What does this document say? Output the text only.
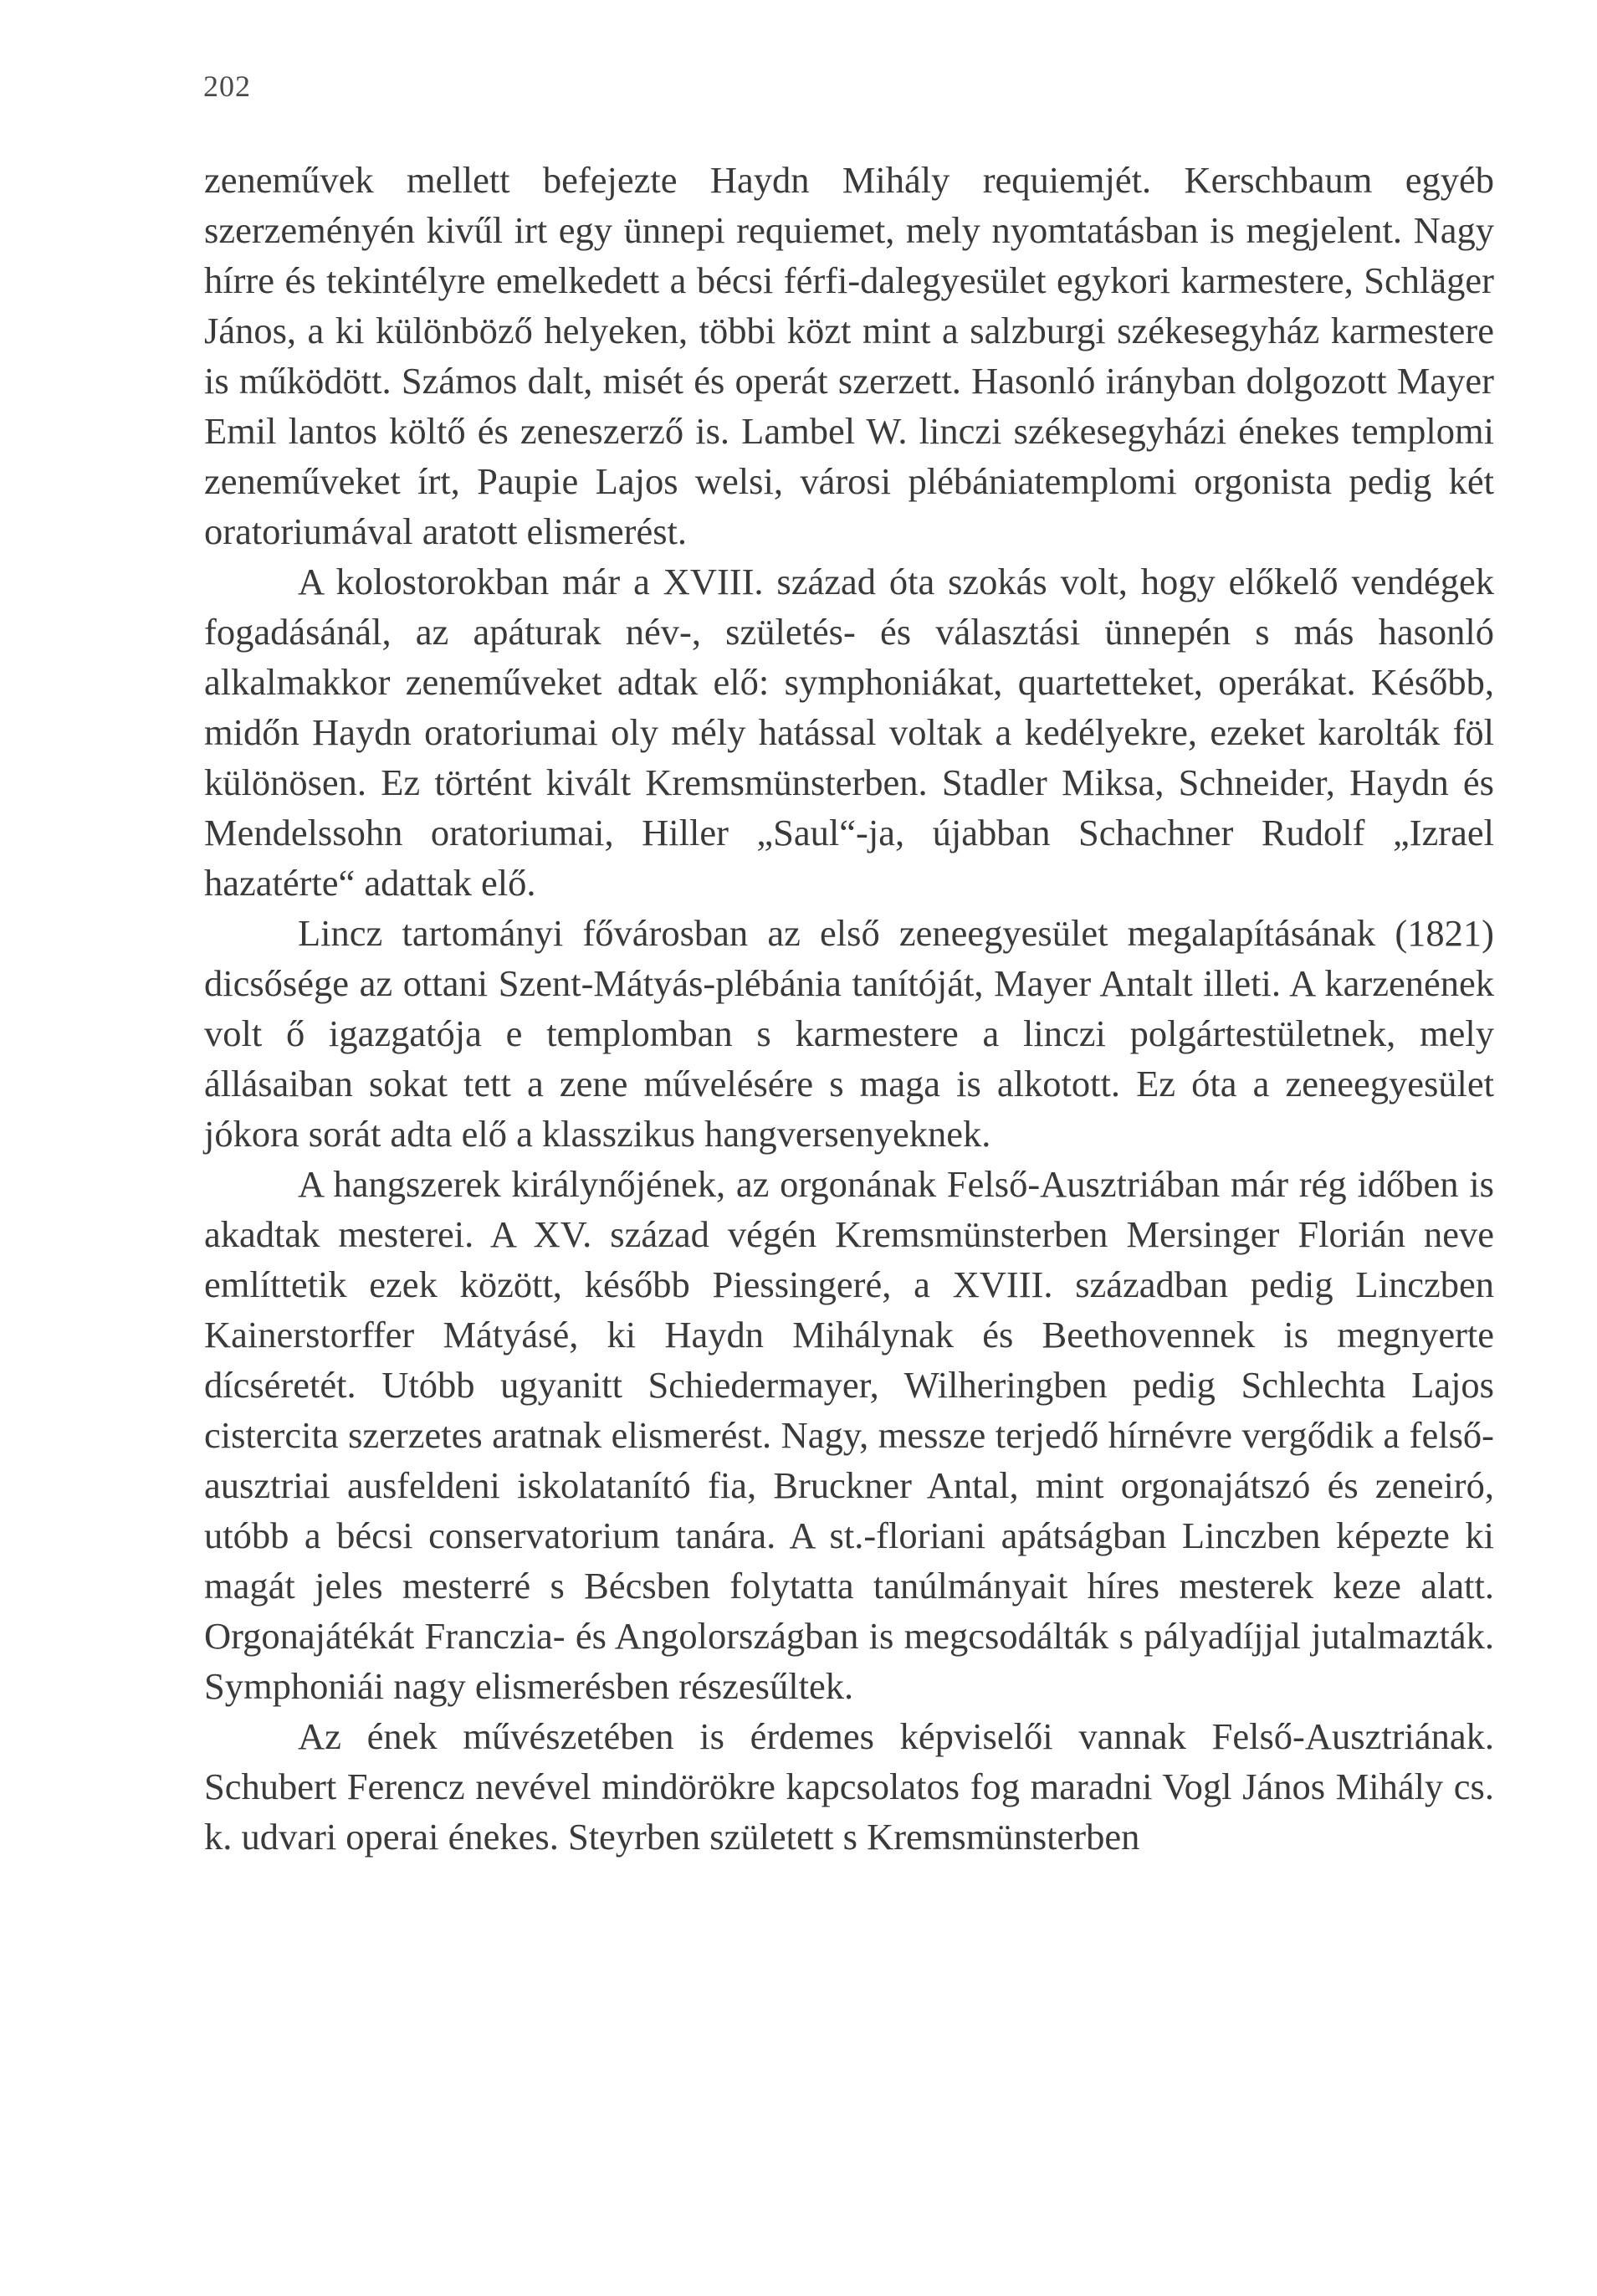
202

zeneművek mellett befejezte Haydn Mihály requiemjét. Kerschbaum egyéb szerzeményén kivűl irt egy ünnepi requiemet, mely nyomtatásban is megjelent. Nagy hírre és tekintélyre emelkedett a bécsi férfi-dalegyesület egykori karmestere, Schläger János, a ki különböző helyeken, többi közt mint a salzburgi székesegyház karmestere is működött. Számos dalt, misét és operát szerzett. Hasonló irányban dolgozott Mayer Emil lantos költő és zeneszerző is. Lambel W. linczi székesegyházi énekes templomi zeneműveket írt, Paupie Lajos welsi, városi plébániatemplomi orgonista pedig két oratoriumával aratott elismerést.

A kolostorokban már a XVIII. század óta szokás volt, hogy előkelő vendégek fogadásánál, az apáturak név-, születés- és választási ünnepén s más hasonló alkalmakkor zeneműveket adtak elő: symphoniákat, quartetteket, operákat. Később, midőn Haydn oratoriumai oly mély hatással voltak a kedélyekre, ezeket karolták föl különösen. Ez történt kivált Kremsmünsterben. Stadler Miksa, Schneider, Haydn és Mendelssohn oratoriumai, Hiller „Saul“-ja, újabban Schachner Rudolf „Izrael hazatérte“ adattak elő.

Lincz tartományi fővárosban az első zeneegyesület megalapításának (1821) dicsősége az ottani Szent-Mátyás-plébánia tanítóját, Mayer Antalt illeti. A karzenének volt ő igazgatója e templomban s karmestere a linczi polgártestületnek, mely állásaiban sokat tett a zene művelésére s maga is alkotott. Ez óta a zeneegyesület jókora sorát adta elő a klasszikus hangversenyeknek.

A hangszerek királynőjének, az orgonának Felső-Ausztriában már rég időben is akadtak mesterei. A XV. század végén Kremsmünsterben Mersinger Florián neve említtetik ezek között, később Piessingeré, a XVIII. században pedig Linczben Kainerstorffer Mátyásé, ki Haydn Mihálynak és Beethovennek is megnyerte dícséretét. Utóbb ugyanitt Schiedermayer, Wilheringben pedig Schlechta Lajos cistercita szerzetes aratnak elismerést. Nagy, messze terjedő hírnévre vergődik a felső-ausztriai ausfeldeni iskolatanító fia, Bruckner Antal, mint orgonajátszó és zeneiró, utóbb a bécsi conservatorium tanára. A st.-floriani apátságban Linczben képezte ki magát jeles mesterré s Bécsben folytatta tanúlmányait híres mesterek keze alatt. Orgonajátékát Francziа- és Angolországban is megcsodálták s pályadíjjal jutalmazták. Symphoniái nagy elismerésben részesűltek.

Az ének művészetében is érdemes képviselői vannak Felső-Ausztriának. Schubert Ferencz nevével mindörökre kapcsolatos fog maradni Vogl János Mihály cs. k. udvari operai énekes. Steyrben született s Kremsmünsterben
